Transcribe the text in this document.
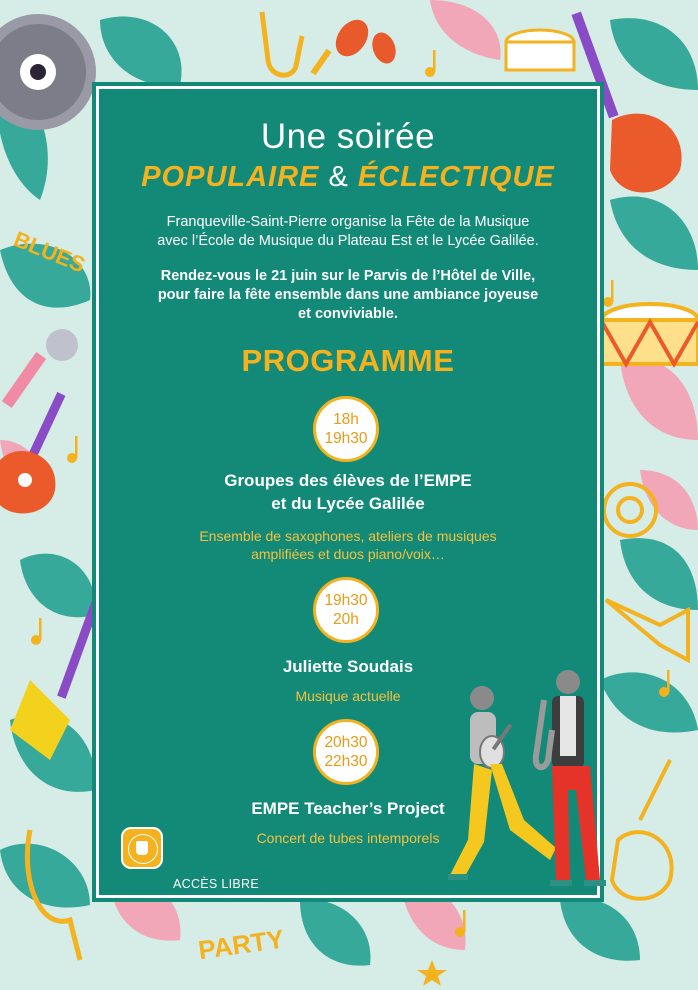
BLUES
PARTY
Une soirée
POPULAIRE & ÉCLECTIQUE
Franqueville-Saint-Pierre organise la Fête de la Musique
avec l’École de Musique du Plateau Est et le Lycée Galilée.
Rendez-vous le 21 juin sur le Parvis de l’Hôtel de Ville,
pour faire la fête ensemble dans une ambiance joyeuse
et conviviable.
PROGRAMME
18h
19h30
Groupes des élèves de l’EMPE
et du Lycée Galilée
Ensemble de saxophones, ateliers de musiques
amplifiées et duos piano/voix…
19h30
20h
Juliette Soudais
Musique actuelle
20h30
22h30
EMPE Teacher’s Project
Concert de tubes intemporels
ACCÈS LIBRE
